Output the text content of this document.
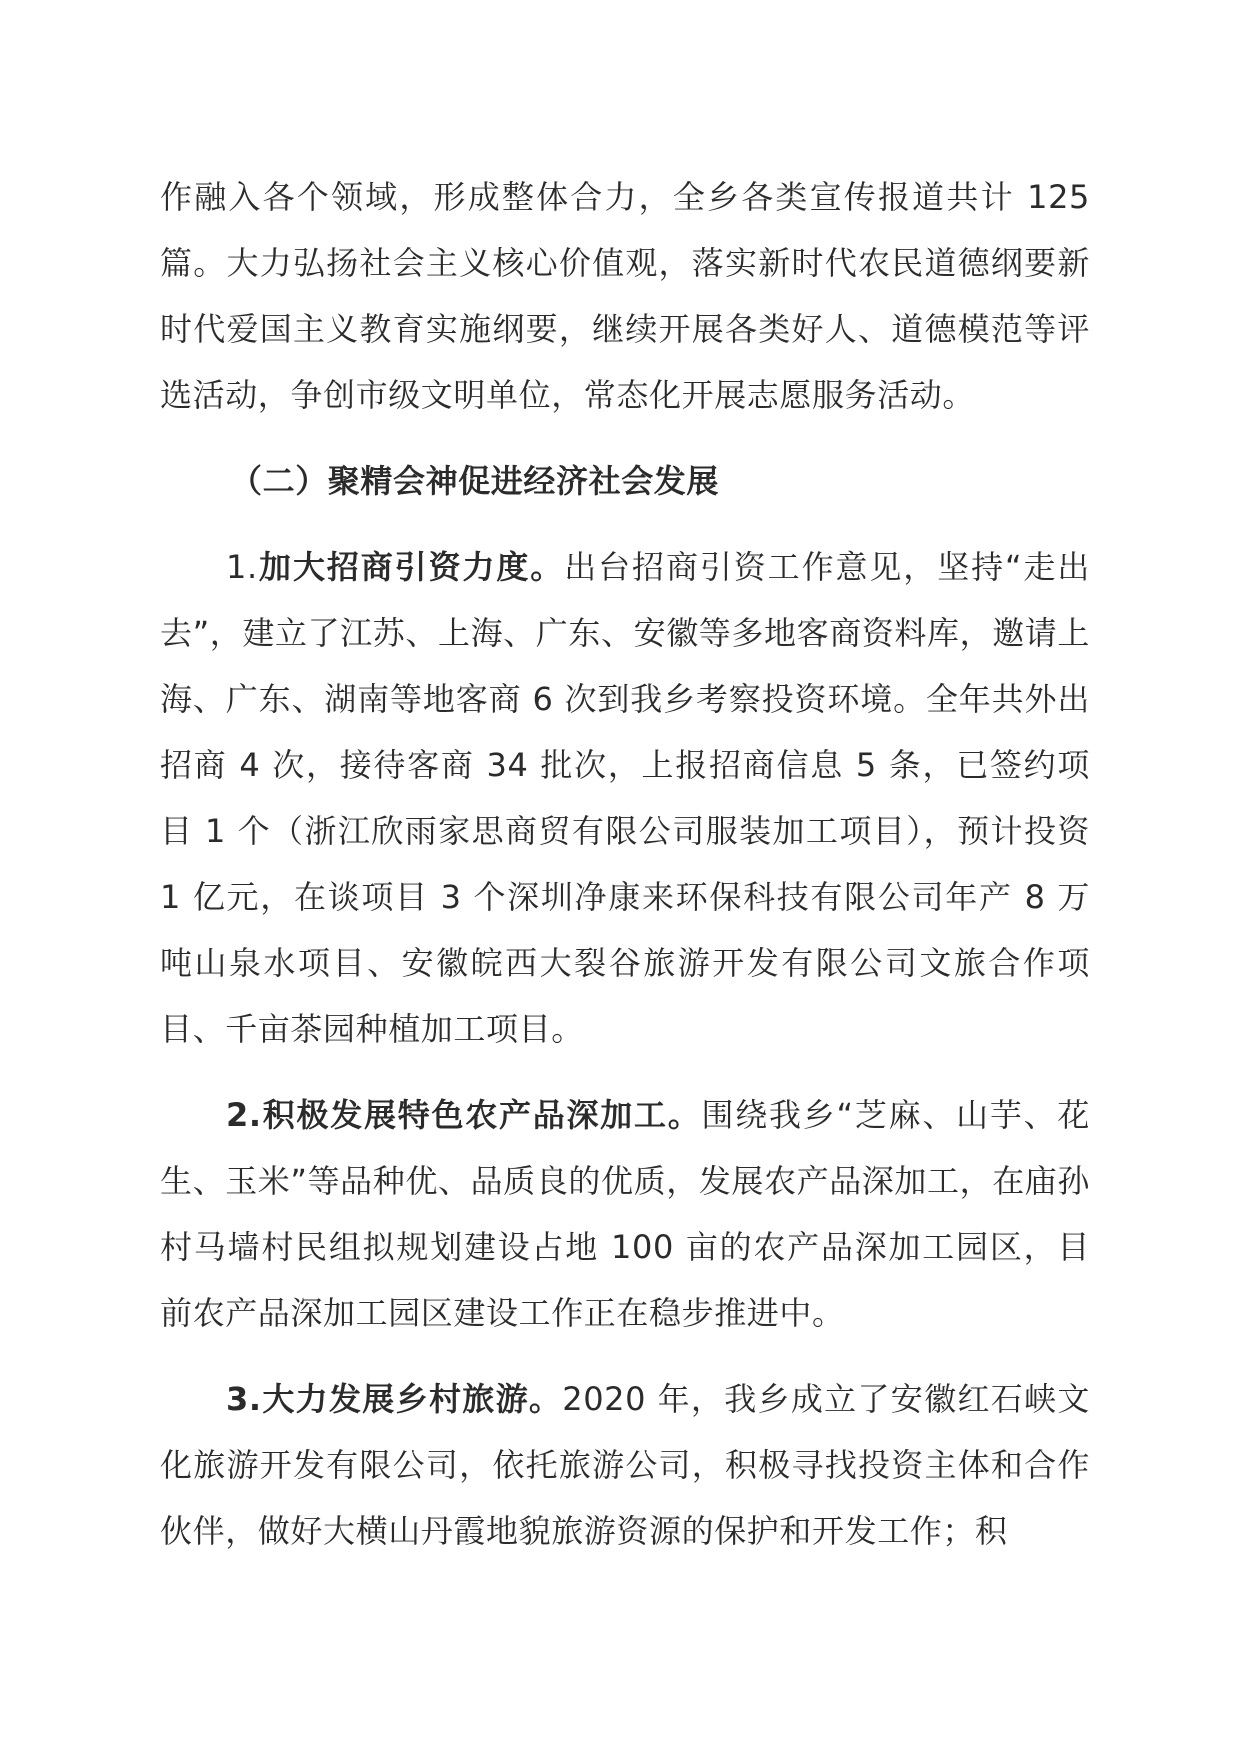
作融入各个领域，形成整体合力，全乡各类宣传报道共计 125 篇。大力弘扬社会主义核心价值观，落实新时代农民道德纲要新时代爱国主义教育实施纲要，继续开展各类好人、道德模范等评选活动，争创市级文明单位，常态化开展志愿服务活动。

（二）聚精会神促进经济社会发展

1.加大招商引资力度。出台招商引资工作意见，坚持“走出去”，建立了江苏、上海、广东、安徽等多地客商资料库，邀请上海、广东、湖南等地客商 6 次到我乡考察投资环境。全年共外出招商 4 次，接待客商 34 批次，上报招商信息 5 条，已签约项目 1 个（浙江欣雨家思商贸有限公司服装加工项目），预计投资 1 亿元，在谈项目 3 个深圳净康来环保科技有限公司年产 8 万吨山泉水项目、安徽皖西大裂谷旅游开发有限公司文旅合作项目、千亩茶园种植加工项目。

2.积极发展特色农产品深加工。围绕我乡“芝麻、山芋、花生、玉米”等品种优、品质良的优质，发展农产品深加工，在庙孙村马墙村民组拟规划建设占地 100 亩的农产品深加工园区，目前农产品深加工园区建设工作正在稳步推进中。

3.大力发展乡村旅游。2020 年，我乡成立了安徽红石峡文化旅游开发有限公司，依托旅游公司，积极寻找投资主体和合作伙伴，做好大横山丹霞地貌旅游资源的保护和开发工作；积
